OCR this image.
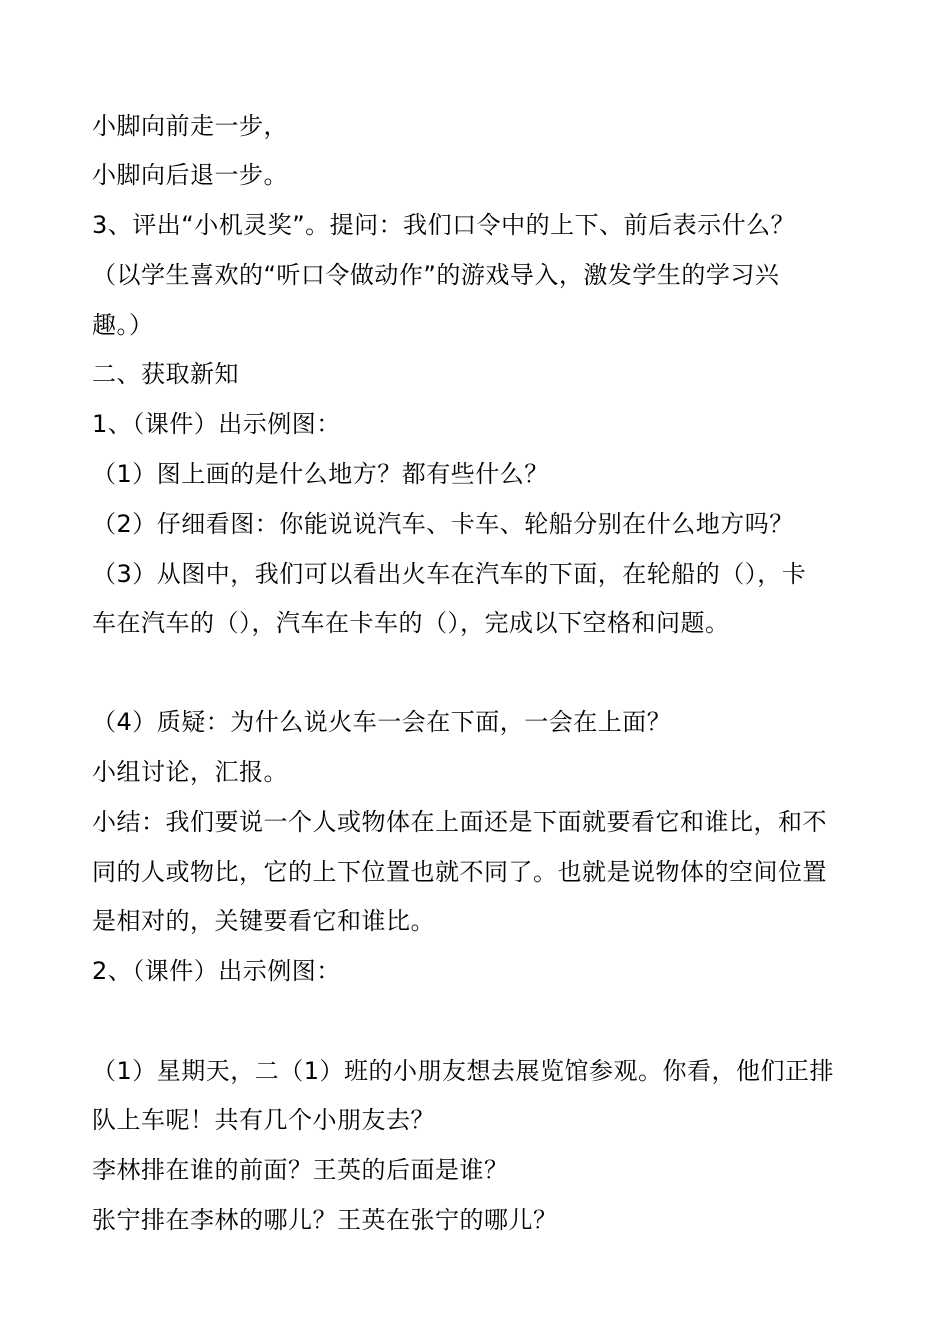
小脚向前走一步，
小脚向后退一步。
3、评出“小机灵奖”。提问：我们口令中的上下、前后表示什么？
（以学生喜欢的“听口令做动作”的游戏导入，激发学生的学习兴
趣。）
二、获取新知
1、（课件）出示例图：
（1）图上画的是什么地方？都有些什么？
（2）仔细看图：你能说说汽车、卡车、轮船分别在什么地方吗？
（3）从图中，我们可以看出火车在汽车的下面，在轮船的（），卡
车在汽车的（），汽车在卡车的（），完成以下空格和问题。
（4）质疑：为什么说火车一会在下面，一会在上面？
小组讨论，汇报。
小结：我们要说一个人或物体在上面还是下面就要看它和谁比，和不
同的人或物比，它的上下位置也就不同了。也就是说物体的空间位置
是相对的，关键要看它和谁比。
2、（课件）出示例图：
（1）星期天，二（1）班的小朋友想去展览馆参观。你看，他们正排
队上车呢！共有几个小朋友去？
李林排在谁的前面？王英的后面是谁？
张宁排在李林的哪儿？王英在张宁的哪儿？
